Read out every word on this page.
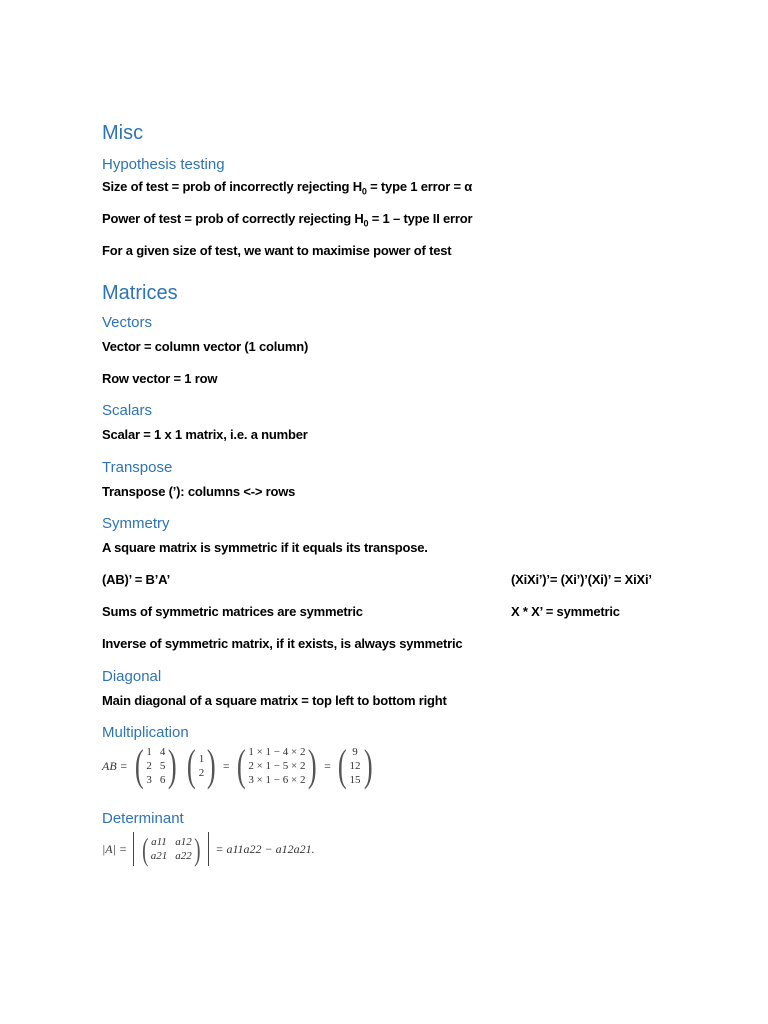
Misc
Hypothesis testing
Size of test = prob of incorrectly rejecting $H_0$ = type 1 error = α
Power of test = prob of correctly rejecting $H_0 = 1$ – type II error
For a given size of test, we want to maximise power of test
Matrices
Vectors
Vector = column vector (1 column)
Row vector = 1 row
Scalars
Scalar = 1 x 1 matrix, i.e. a number
Transpose
Transpose (’): columns <-> rows
Symmetry
A square matrix is symmetric if it equals its transpose.
(AB)’ = B’A’	(XiXi’)’= (Xi’)’(Xi)’ = XiXi’
Sums of symmetric matrices are symmetric	X * X’ = symmetric
Inverse of symmetric matrix, if it exists, is always symmetric
Diagonal
Main diagonal of a square matrix = top left to bottom right
Multiplication
AB = ( 1 4
2 5
3 6 ) ( 1
2 ) = ( 1 × 1 − 4 × 2
2 × 1 − 5 × 2
3 × 1 − 6 × 2 ) = ( 9
12
15 )
Determinant
|A| = ( a11 a12
a21 a22 ) = a11a22 − a12a21.
